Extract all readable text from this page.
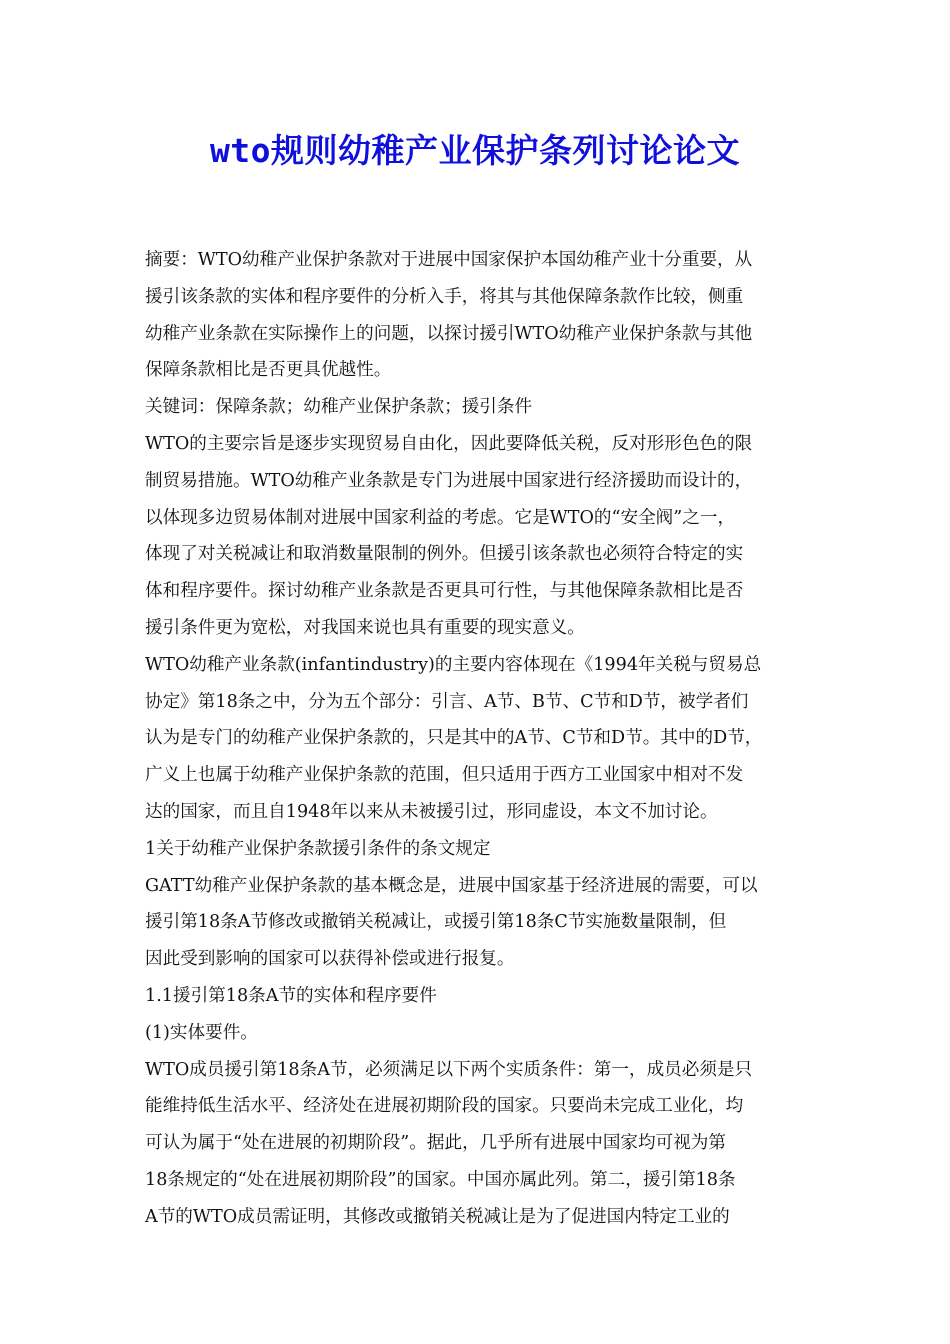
wto规则幼稚产业保护条列讨论论文

摘要：WTO幼稚产业保护条款对于进展中国家保护本国幼稚产业十分重要，从
援引该条款的实体和程序要件的分析入手，将其与其他保障条款作比较，侧重
幼稚产业条款在实际操作上的问题，以探讨援引WTO幼稚产业保护条款与其他
保障条款相比是否更具优越性。

关键词：保障条款；幼稚产业保护条款；援引条件

WTO的主要宗旨是逐步实现贸易自由化，因此要降低关税，反对形形色色的限
制贸易措施。WTO幼稚产业条款是专门为进展中国家进行经济援助而设计的，
以体现多边贸易体制对进展中国家利益的考虑。它是WTO的“安全阀”之一，
体现了对关税减让和取消数量限制的例外。但援引该条款也必须符合特定的实
体和程序要件。探讨幼稚产业条款是否更具可行性，与其他保障条款相比是否
援引条件更为宽松，对我国来说也具有重要的现实意义。

WTO幼稚产业条款(infantindustry)的主要内容体现在《1994年关税与贸易总
协定》第18条之中，分为五个部分：引言、A节、B节、C节和D节，被学者们
认为是专门的幼稚产业保护条款的，只是其中的A节、C节和D节。其中的D节，
广义上也属于幼稚产业保护条款的范围，但只适用于西方工业国家中相对不发
达的国家，而且自1948年以来从未被援引过，形同虚设，本文不加讨论。

1关于幼稚产业保护条款援引条件的条文规定

GATT幼稚产业保护条款的基本概念是，进展中国家基于经济进展的需要，可以
援引第18条A节修改或撤销关税减让，或援引第18条C节实施数量限制，但
因此受到影响的国家可以获得补偿或进行报复。

1.1援引第18条A节的实体和程序要件

(1)实体要件。

WTO成员援引第18条A节，必须满足以下两个实质条件：第一，成员必须是只
能维持低生活水平、经济处在进展初期阶段的国家。只要尚未完成工业化，均
可认为属于“处在进展的初期阶段”。据此，几乎所有进展中国家均可视为第
18条规定的“处在进展初期阶段”的国家。中国亦属此列。第二，援引第18条
A节的WTO成员需证明，其修改或撤销关税减让是为了促进国内特定工业的
